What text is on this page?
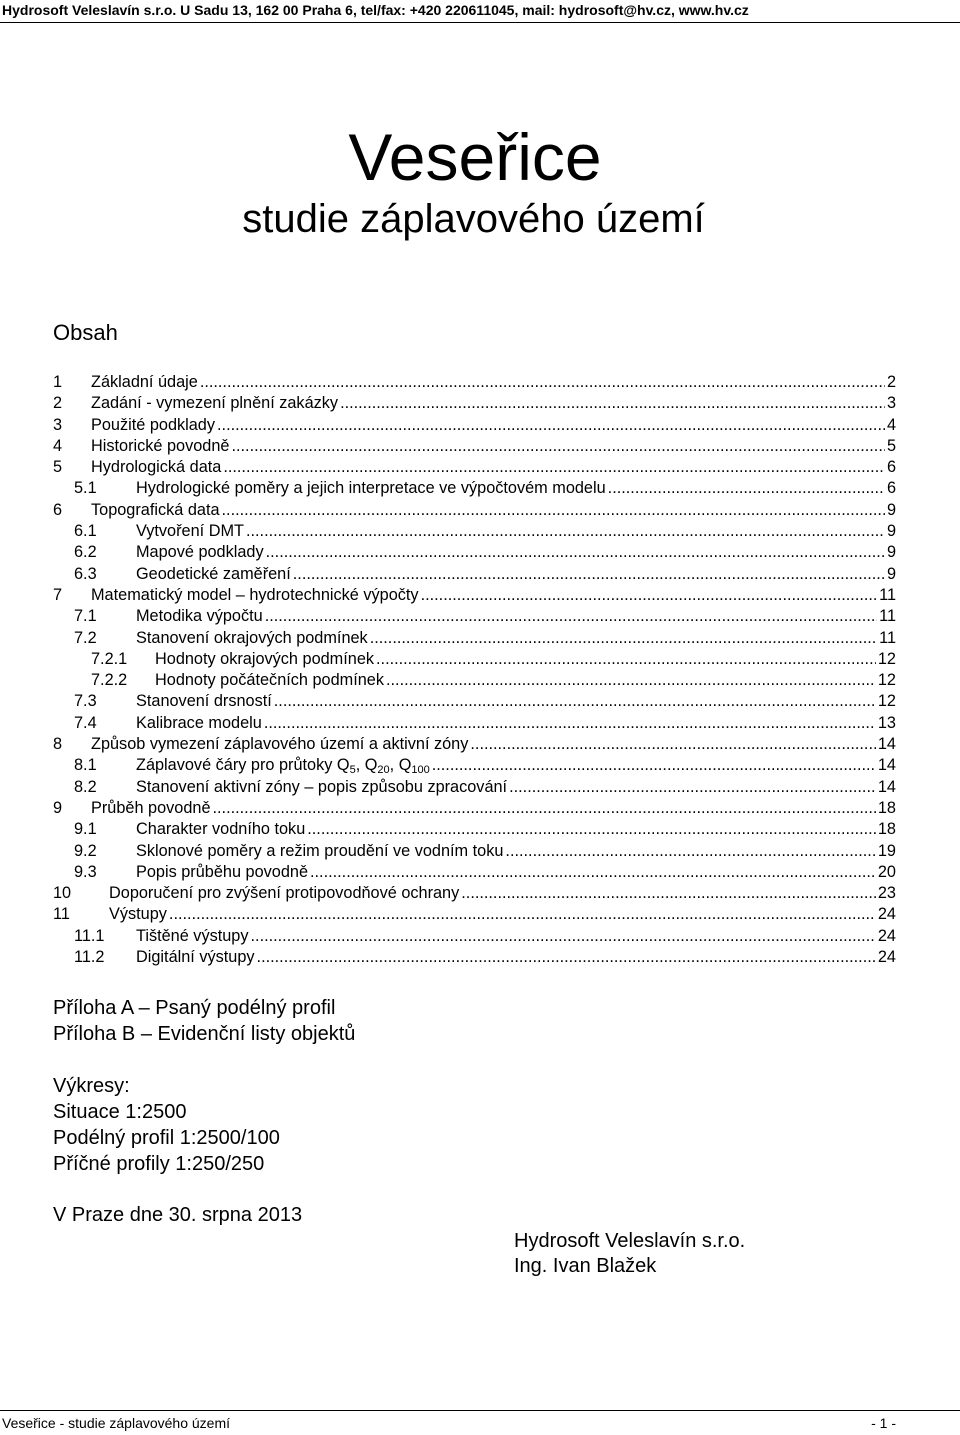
Hydrosoft Veleslavín s.r.o. U Sadu 13, 162 00 Praha 6, tel/fax: +420 220611045, mail: hydrosoft@hv.cz, www.hv.cz
Veseřice
studie záplavového území
Obsah
1	Základní údaje .....	2
2	Zadání - vymezení plnění zakázky .....	3
3	Použité podklady .....	4
4	Historické povodně .....	5
5	Hydrologická data .....	6
5.1	Hydrologické poměry a jejich interpretace ve výpočtovém modelu .....	6
6	Topografická data .....	9
6.1	Vytvoření DMT .....	9
6.2	Mapové podklady .....	9
6.3	Geodetické zaměření .....	9
7	Matematický model – hydrotechnické výpočty .....	11
7.1	Metodika výpočtu .....	11
7.2	Stanovení okrajových podmínek .....	11
7.2.1	Hodnoty okrajových podmínek .....	12
7.2.2	Hodnoty počátečních podmínek .....	12
7.3	Stanovení drsností .....	12
7.4	Kalibrace modelu .....	13
8	Způsob vymezení záplavového území a aktivní zóny .....	14
8.1	Záplavové čáry pro průtoky $Q_5$, $Q_{20}$, $Q_{100}$ .....	14
8.2	Stanovení aktivní zóny – popis způsobu zpracování .....	14
9	Průběh povodně .....	18
9.1	Charakter vodního toku .....	18
9.2	Sklonové poměry a režim proudění ve vodním toku .....	19
9.3	Popis průběhu povodně .....	20
10	Doporučení pro zvýšení protipovodňové ochrany .....	23
11	Výstupy .....	24
11.1	Tištěné výstupy .....	24
11.2	Digitální výstupy .....	24
Příloha A – Psaný podélný profil
Příloha B – Evidenční listy objektů
Výkresy:
Situace 1:2500
Podélný profil 1:2500/100
Příčné profily 1:250/250
V Praze dne 30. srpna 2013
Hydrosoft Veleslavín s.r.o.
Ing. Ivan Blažek
Veseřice - studie záplavového území	- 1 -
